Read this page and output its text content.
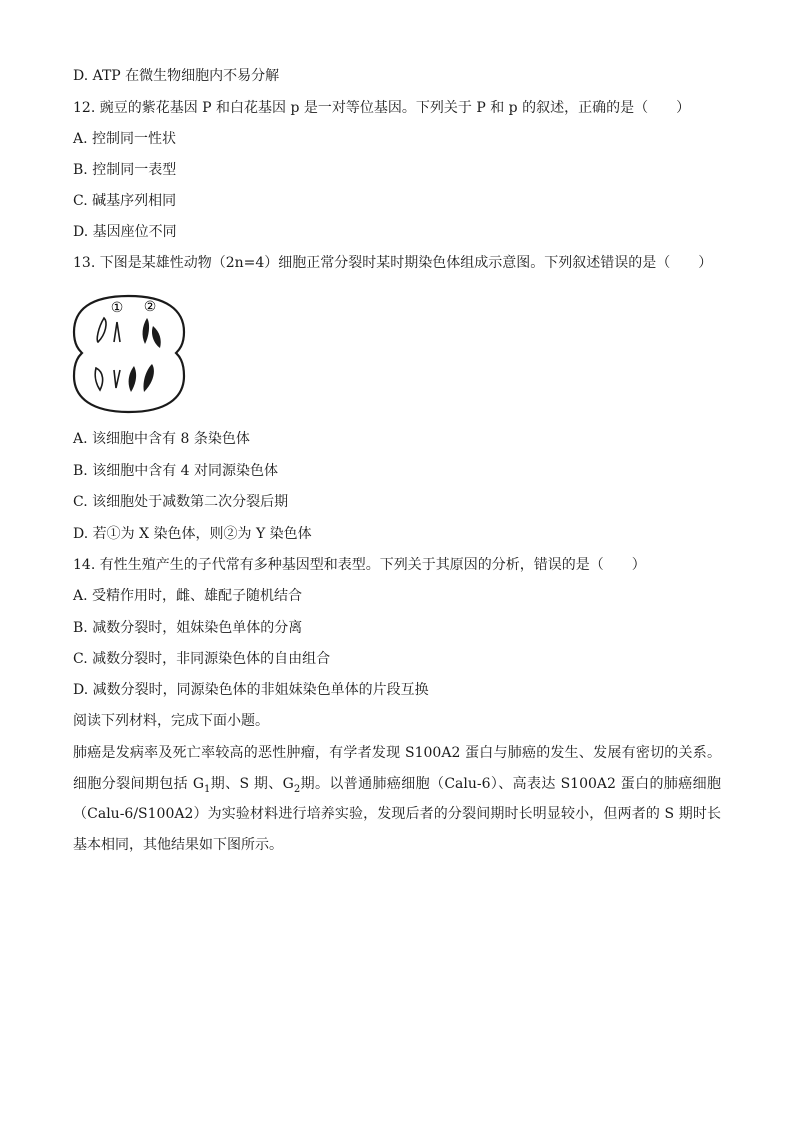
D. ATP 在微生物细胞内不易分解
12. 豌豆的紫花基因 P 和白花基因 p 是一对等位基因。下列关于 P 和 p 的叙述，正确的是（　　）
A. 控制同一性状
B. 控制同一表型
C. 碱基序列相同
D. 基因座位不同
13. 下图是某雄性动物（2n=4）细胞正常分裂时某时期染色体组成示意图。下列叙述错误的是（　　）
① ②
A. 该细胞中含有 8 条染色体
B. 该细胞中含有 4 对同源染色体
C. 该细胞处于减数第二次分裂后期
D. 若①为 X 染色体，则②为 Y 染色体
14. 有性生殖产生的子代常有多种基因型和表型。下列关于其原因的分析，错误的是（　　）
A. 受精作用时，雌、雄配子随机结合
B. 减数分裂时，姐妹染色单体的分离
C. 减数分裂时，非同源染色体的自由组合
D. 减数分裂时，同源染色体的非姐妹染色单体的片段互换
阅读下列材料，完成下面小题。
肺癌是发病率及死亡率较高的恶性肿瘤，有学者发现 S100A2 蛋白与肺癌的发生、发展有密切的关系。细胞分裂间期包括 $G_1$期、S 期、$G_2$期。以普通肺癌细胞（Calu-6）、高表达 S100A2 蛋白的肺癌细胞（Calu-6/S100A2）为实验材料进行培养实验，发现后者的分裂间期时长明显较小，但两者的 S 期时长基本相同，其他结果如下图所示。
